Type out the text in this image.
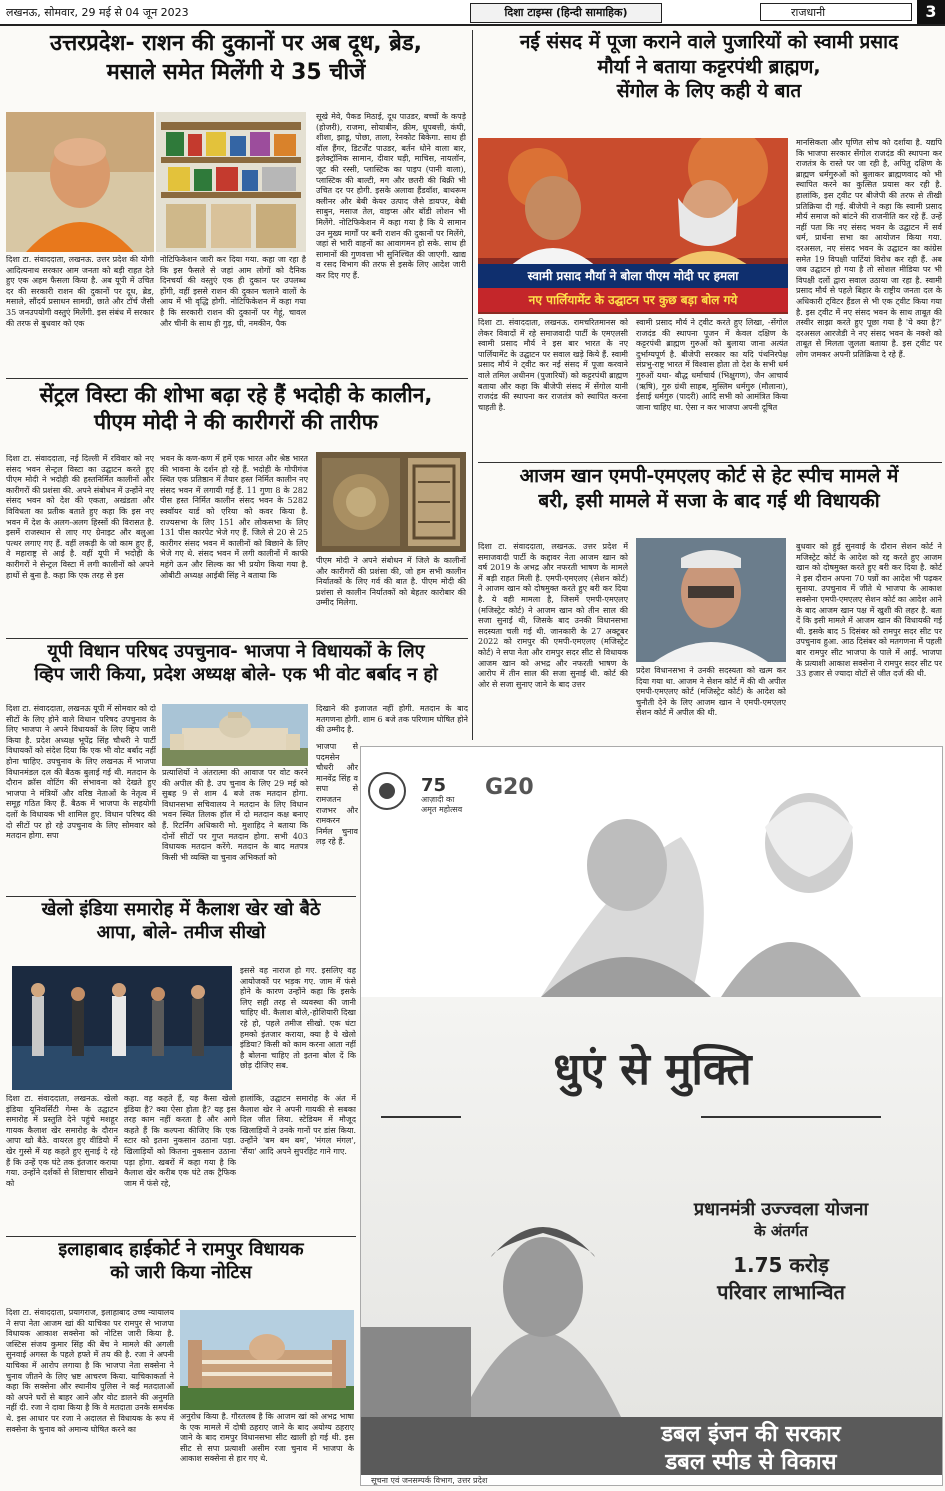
लखनऊ, सोमवार, 29 मई से 04 जून 2023	दिशा टाइम्स (हिन्दी सामाहिक)	राजधानी	3
उत्तरप्रदेश- राशन की दुकानों पर अब दूध, ब्रेड,
मसाले समेत मिलेंगी ये 35 चीजें
दिशा टा. संवाददाता, लखनऊ. उत्तर प्रदेश की योगी आदित्यनाथ सरकार आम जनता को बड़ी राहत देते हुए एक अहम फैसला किया है. अब यूपी में उचित दर की सरकारी राशन की दुकानों पर दूध, ब्रेड, मसाले, सौंदर्य प्रसाधन सामग्री, छाते और टॉर्च जैसी 35 जनउपयोगी वस्तुएं मिलेंगी. इस संबंध में सरकार की तरफ से बुधवार को एक
नोटिफिकेशन जारी कर दिया गया. कहा जा रहा है कि इस फैसले से जहां आम लोगों को दैनिक दिनचर्या की वस्तुएं एक ही दुकान पर उपलब्ध होंगी, वहीं इससे राशन की दुकान चलाने वालों के आय में भी वृद्धि होगी. नोटिफिकेशन में कहा गया है कि सरकारी राशन की दुकानों पर गेहूं, चावल और चीनी के साथ ही गुड़, घी, नमकीन, पैक
सूखे मेवे, पैकड मिठाई, दूध पाउडर, बच्चों के कपड़े (होजरी), राजमा, सोयाबीन, क्रीम, धूपबत्ती, कंघी, शीशा, झाडू, पोछा, ताला, रेनकोट बिकेगा. साथ ही वॉल हैंगर, डिटर्जेंट पाउडर, बर्तन धोने वाला बार, इलेक्ट्रॉनिक सामान, दीवार घड़ी, माचिस, नायलॉन, जूट की रस्सी, प्लास्टिक का पाइप (पानी वाला), प्लास्टिक की बाल्टी, मग और छतरी की बिक्री भी उचित दर पर होगी. इसके अलावा हैंडवॉश, बाथरूम क्लीनर और बेबी केयर उत्पाद जैसे डायपर, बेबी साबुन, मसाज तेल, वाइप्स और बॉडी लोशन भी मिलेंगे. नोटिफिकेशन में कहा गया है कि ये सामान उन मुख्य मार्गों पर बनी राशन की दुकानों पर मिलेंगे, जहां से भारी वाहनों का आवागमन हो सके. साथ ही सामानों की गुणवत्ता भी सुनिश्चित की जाएगी. खाद्य व रसद विभाग की तरफ से इसके लिए आदेश जारी कर दिए गए हैं.
सेंट्रल विस्टा की शोभा बढ़ा रहे हैं भदोही के कालीन,
पीएम मोदी ने की कारीगरों की तारीफ
दिशा टा. संवाददाता, नई दिल्ली में रविवार को नए संसद भवन सेन्ट्रल विस्टा का उद्घाटन करते हुए पीएम मोदी ने भदोही की हस्तनिर्मित कालीनों और कारीगरों की प्रशंसा की. अपने संबोधन में उन्होंने नए संसद भवन को देश की एकता, अखंडता और विविधता का प्रतीक बताते हुए कहा कि इस नए भवन में देश के अलग-अलग हिस्सों की विरासत है. इसमें राजस्थान से लाए गए ग्रेनाइट और बलुआ पत्थर लगाए गए हैं. वहीं लकड़ी के जो काम हुए हैं, वे महाराष्ट्र से आई है. वहीं यूपी में भदोही के कारीगरों ने सेन्ट्रल विस्टा में लगी कालीनों को अपने हाथों से बुना है. कहा कि एक तरह से इस
भवन के कण-कण में हमें एक भारत और श्रेष्ठ भारत की भावना के दर्शन हो रहे हैं. भदोही के गोपीगंज स्थित एक प्रतिष्ठान में तैयार हस्त निर्मित कालीन नए संसद भवन में लगायी गई हैं. 11 गुणा 8 के 282 पीस हस्त निर्मित कालीन संसद भवन के 5282 स्क्वॉयर यार्ड को एरिया को कवर किया है. राज्यसभा के लिए 151 और लोकसभा के लिए 131 पीस कारपेट भेजे गए हैं. जिले से 20 से 25 कारीगर संसद भवन में कालीनों को बिछाने के लिए भेजे गए थे. संसद भवन में लगी कालीनों में काफी महंगे ऊन और सिल्क का भी प्रयोग किया गया है. ओबीटी अध्यक्ष आईबी सिंह ने बताया कि
पीएम मोदी ने अपने संबोधन में जिले के कालीनों और कारीगरों की प्रशंसा की, जो हम सभी कालीन निर्यातकों के लिए गर्व की बात है. पीएम मोदी की प्रशंसा से कालीन निर्यातकों को बेहतर कारोबार की उम्मीद मिलेगा.
यूपी विधान परिषद उपचुनाव- भाजपा ने विधायकों के लिए
व्हिप जारी किया, प्रदेश अध्यक्ष बोले- एक भी वोट बर्बाद न हो
दिशा टा. संवाददाता, लखनऊ यूपी में सोमवार को दो सीटों के लिए होने वाले विधान परिषद उपचुनाव के लिए भाजपा ने अपने विधायकों के लिए व्हिप जारी किया है. प्रदेश अध्यक्ष भूपेंद्र सिंह चौधरी ने पार्टी विधायकों को संदेश दिया कि एक भी वोट बर्बाद नहीं होना चाहिए. उपचुनाव के लिए लखनऊ में भाजपा विधानमंडल दल की बैठक बुलाई गई थी. मतदान के दौरान क्रॉस वोटिंग की संभावना को देखते हुए भाजपा ने मंत्रियों और वरिष्ठ नेताओं के नेतृत्व में समूह गठित किए हैं. बैठक में भाजपा के सहयोगी दलों के विधायक भी शामिल हुए. विधान परिषद की दो सीटों पर हो रहे उपचुनाव के लिए सोमवार को मतदान होगा. सपा
प्रत्याशियों ने अंतरात्मा की आवाज पर वोट करने की अपील की है. उप चुनाव के लिए 29 मई को सुबह 9 से शाम 4 बजे तक मतदान होगा. विधानसभा सचिवालय ने मतदान के लिए विधान भवन स्थित तिलक हॉल में दो मतदान कक्ष बनाए हैं. रिटर्निंग अधिकारी मो. मुशाहिद ने बताया कि दोनों सीटों पर गुप्त मतदान होगा. सभी 403 विधायक मतदान करेंगे. मतदान के बाद मतपत्र किसी भी व्यक्ति या चुनाव अभिकर्ता को
दिखाने की इजाजत नहीं होगी. मतदान के बाद मतगणना होगी. शाम 6 बजे तक परिणाम घोषित होने की उम्मीद है.
भाजपा से पदमसेन चौधरी और मानवेंद्र सिंह व सपा से रामजतन राजभर और रामकरन निर्मल चुनाव लड़ रहे हैं.
खेलो इंडिया समारोह में कैलाश खेर खो बैठे
आपा, बोले- तमीज सीखो
इससे वह नाराज हो गए. इसलिए वह आयोजकों पर भड़क गए. जाम में फंसे होने के कारण उन्होंने कहा कि इसके लिए सही तरह से व्यवस्था की जानी चाहिए थी. कैलाश बोले,-होशियारी दिखा रहे हो, पहले तमीज सीखो. एक घंटा हमको इंतजार कराया, क्या है ये खेलो इंडिया? किसी को काम करना आता नहीं है बोलना चाहिए तो इतना बोल दें कि छोड़ दीजिए सब.
दिशा टा. संवाददाता, लखनऊ. खेलो इंडिया यूनिवर्सिटी गेम्स के उद्घाटन समारोह में प्रस्तुति देने पहुंचे मशहूर गायक कैलाश खेर समारोह के दौरान आपा खो बैठे. वायरल हुए वीडियो में खेर गुस्से में यह कहते हुए सुनाई दे रहे हैं कि उन्हें एक घंटे तक इंतजार कराया गया. उन्होंने दर्शकों से शिष्टाचार सीखने को
कहा. वह कहते हैं, यह कैसा खेलो इंडिया है? क्या ऐसा होता है? यह इस तरह काम नहीं करता है और आगे कहते हैं कि कल्पना कीजिए कि एक स्टार को इतना नुकसान उठाना पड़ा. खिलाड़ियों को कितना नुकसान उठाना पड़ा होगा. खबरों में कहा गया है कि कैलाश खेर करीब एक घंटे तक ट्रैफिक जाम में फंसे रहे,
हालांकि, उद्घाटन समारोह के अंत में कैलाश खेर ने अपनी गायकी से सबका दिल जीत लिया. स्टेडियम में मौजूद खिलाड़ियों ने उनके गानों पर डांस किया. उन्होंने 'बम बम बम', 'मंगल मंगल', 'सैंया' आदि अपने सुपरहिट गाने गाए.
इलाहाबाद हाईकोर्ट ने रामपुर विधायक
को जारी किया नोटिस
दिशा टा. संवाददाता, प्रयागराज, इलाहाबाद उच्च न्यायालय ने सपा नेता आजम खां की याचिका पर रामपुर से भाजपा विधायक आकाश सक्सेना को नोटिस जारी किया है. जस्टिस संजय कुमार सिंह की बेंच ने मामले की अगली सुनवाई अगस्त के पहले हफ्ते में तय की है. रजा ने अपनी याचिका में आरोप लगाया है कि भाजपा नेता सक्सेना ने चुनाव जीतने के लिए भ्रष्ट आचरण किया. याचिकाकर्ता ने कहा कि सक्सेना और स्थानीय पुलिस ने कई मतदाताओं को अपने घरों से बाहर आने और वोट डालने की अनुमति नहीं दी. रजा ने दावा किया है कि वे मतदाता उनके समर्थक थे. इस आधार पर रजा ने अदालत से विधायक के रूप में सक्सेना के चुनाव को अमान्य घोषित करने का
अनुरोध किया है. गौरतलब है कि आजम खां को अभद्र भाषा के एक मामले में दोषी ठहराए जाने के बाद अयोग्य ठहराए जाने के बाद रामपुर विधानसभा सीट खाली हो गई थी. इस सीट से सपा प्रत्याशी असीम रजा चुनाव में भाजपा के आकाश सक्सेना से हार गए थे.
नई संसद में पूजा कराने वाले पुजारियों को स्वामी प्रसाद
मौर्या ने बताया कट्टरपंथी ब्राह्मण,
सेंगोल के लिए कही ये बात
स्वामी प्रसाद मौर्या ने बोला पीएम मोदी पर हमला
नए पार्लियामेंट के उद्घाटन पर कुछ बड़ा बोल गये
दिशा टा. संवाददाता, लखनऊ. रामचरितमानस को लेकर विवादों में रहे समाजवादी पार्टी के एमएलसी स्वामी प्रसाद मौर्य ने इस बार भारत के नए पार्लियामेंट के उद्घाटन पर सवाल खड़े किये हैं. स्वामी प्रसाद मौर्य ने ट्वीट कर नई संसद में पूजा करवाने वाले तमिल अधीनम (पुजारियों) को कट्टरपंथी ब्राह्मण बताया और कहा कि बीजेपी संसद में सेंगोल यानी राजदंड की स्थापना कर राजतंत्र को स्थापित करना चाहती है.
स्वामी प्रसाद मौर्य ने ट्वीट करते हुए लिखा, -सेंगोल राजदंड की स्थापना पूजन में केवल दक्षिण के कट्टरपंथी ब्राह्मण गुरुओं को बुलाया जाना अत्यंत दुर्भाग्यपूर्ण है. बीजेपी सरकार का यदि पंथनिरपेक्ष संप्रभु-राष्ट्र भारत में विश्वास होता तो देश के सभी धर्म गुरुओं यथा- बौद्ध धर्माचार्य (भिक्षुगण), जैन आचार्य (ऋषि), गुरु ग्रंथी साहब, मुस्लिम धर्मगुरु (मौलाना), ईसाई धर्मगुरु (पादरी) आदि सभी को आमंत्रित किया जाना चाहिए था. ऐसा न कर भाजपा अपनी दूषित
मानसिकता और घृणित सोच को दर्शाया है. यद्यपि कि भाजपा सरकार सेंगोल राजदंड की स्थापना कर राजतंत्र के रास्ते पर जा रही है, अपितु दक्षिण के ब्राह्मण धर्मगुरुओं को बुलाकर ब्राह्मणवाद को भी स्थापित करने का कुत्सित प्रयास कर रही है. हालांकि, इस ट्वीट पर बीजेपी की तरफ से तीखी प्रतिक्रिया दी गई. बीजेपी ने कहा कि स्वामी प्रसाद मौर्य समाज को बांटने की राजनीति कर रहे हैं. उन्हें नहीं पता कि नए संसद भवन के उद्घाटन में सर्व धर्म, प्रार्थना सभा का आयोजन किया गया. दरअसल, नए संसद भवन के उद्घाटन का कांग्रेस समेत 19 विपक्षी पार्टियां विरोध कर रही हैं. अब जब उद्घाटन हो गया है तो सोशल मीडिया पर भी विपक्षी दलों द्वारा सवाल उठाया जा रहा है. स्वामी प्रसाद मौर्य से पहले बिहार के राष्ट्रीय जनता दल के अधिकारी ट्विटर हैंडल से भी एक ट्वीट किया गया है. इस ट्वीट में नए संसद भवन के साथ ताबूत की तस्वीर साझा करते हुए पूछा गया है 'ये क्या है?' दरअसल आरजेडी ने नए संसद भवन के नक्शे को ताबूत से मिलता जुलता बताया है. इस ट्वीट पर लोग जमकर अपनी प्रतिक्रिया दे रहे हैं.
आजम खान एमपी-एमएलए कोर्ट से हेट स्पीच मामले में
बरी, इसी मामले में सजा के बाद गई थी विधायकी
दिशा टा. संवाददाता, लखनऊ. उत्तर प्रदेश में समाजवादी पार्टी के कद्दावर नेता आजम खान को वर्ष 2019 के अभद्र और नफरती भाषण के मामले में बड़ी राहत मिली है. एमपी-एमएलए (सेशन कोर्ट) ने आजम खान को दोषमुक्त करते हुए बरी कर दिया है. ये वही मामला है, जिसमें एमपी-एमएलए (मजिस्ट्रेट कोर्ट) ने आजम खान को तीन साल की सजा सुनाई थी, जिसके बाद उनकी विधानसभा सदस्यता चली गई थी. जानकारी के 27 अक्टूबर 2022 को रामपुर की एमपी-एमएलए (मजिस्ट्रेट कोर्ट) ने सपा नेता और रामपुर सदर सीट से विधायक आजम खान को अभद्र और नफरती भाषण के आरोप में तीन साल की सजा सुनाई थी. कोर्ट की ओर से सजा सुनाए जाने के बाद उत्तर
प्रदेश विधानसभा ने उनकी सदस्यता को खत्म कर दिया गया था. आजम ने सेशन कोर्ट में की थी अपील एमपी-एमएलए कोर्ट (मजिस्ट्रेट कोर्ट) के आदेश को चुनौती देने के लिए आजम खान ने एमपी-एमएलए सेशन कोर्ट में अपील की थी.
बुधवार को हुई सुनवाई के दौरान सेशन कोर्ट ने मजिस्ट्रेट कोर्ट के आदेश को रद्द करते हुए आजम खान को दोषमुक्त करते हुए बरी कर दिया है. कोर्ट ने इस दौरान अपना 70 पन्नों का आदेश भी पढ़कर सुनाया. उपचुनाव में जीते थे भाजपा के आकाश सक्सेना एमपी-एमएलए सेशन कोर्ट का आदेश आने के बाद आजम खान पक्ष में खुशी की लहर है. बता दें कि इसी मामले में आजम खान की विधायकी गई थी. इसके बाद 5 दिसंबर को रामपुर सदर सीट पर उपचुनाव हुआ. आठ दिसंबर को मतगणना में पहली बार रामपुर सीट भाजपा के पाले में आई. भाजपा के प्रत्याशी आकाश सक्सेना ने रामपुर सदर सीट पर 33 हजार से ज्यादा वोटों से जीत दर्ज की थी.
75
आज़ादी का
अमृत महोत्सव
G20
धुएं से मुक्ति
प्रधानमंत्री उज्ज्वला योजना
के अंतर्गत
1.75 करोड़
परिवार लाभान्वित
डबल इंजन की सरकार
डबल स्पीड से विकास
सूचना एवं जनसम्पर्क विभाग, उत्तर प्रदेश
